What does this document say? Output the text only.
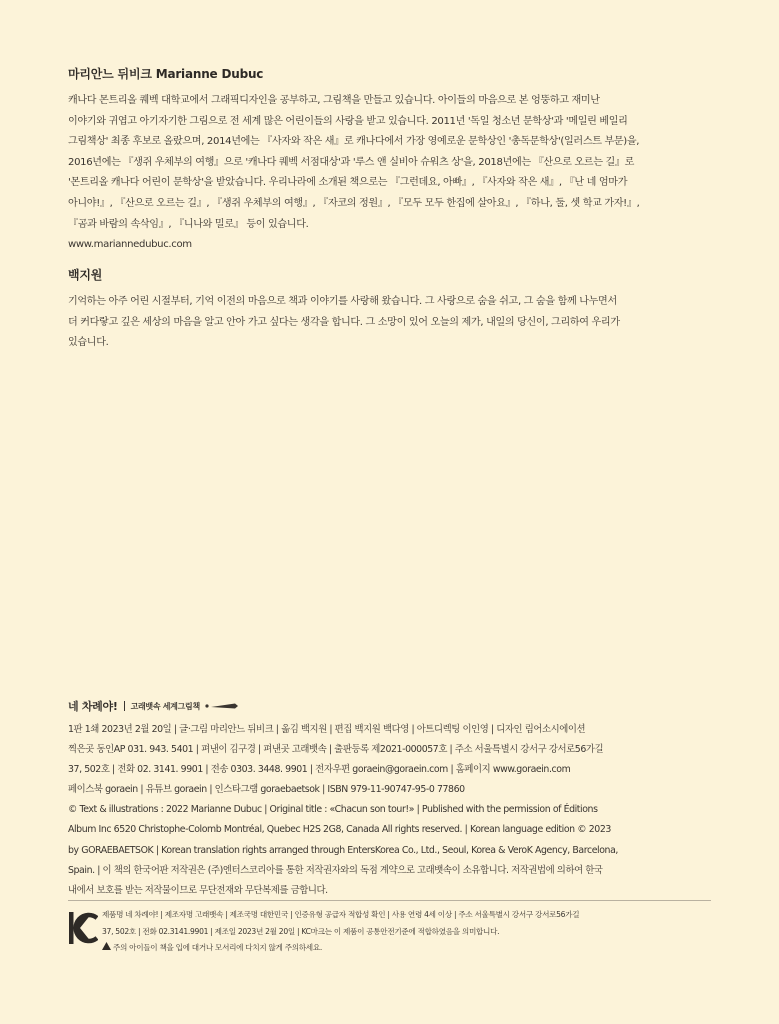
마리안느 뒤비크 Marianne Dubuc

캐나다 몬트리올 퀘벡 대학교에서 그래픽디자인을 공부하고, 그림책을 만들고 있습니다. 아이들의 마음으로 본 엉뚱하고 재미난

이야기와 귀엽고 아기자기한 그림으로 전 세계 많은 어린이들의 사랑을 받고 있습니다. 2011년 '독일 청소년 문학상'과 '메일린 베일리

그림책상' 최종 후보로 올랐으며, 2014년에는 『사자와 작은 새』로 캐나다에서 가장 영예로운 문학상인 '총독문학상'(일러스트 부문)을,

2016년에는 『생쥐 우체부의 여행』으로 '캐나다 퀘벡 서점대상'과 '루스 앤 실비아 슈워츠 상'을, 2018년에는 『산으로 오르는 길』로

'몬트리올 캐나다 어린이 문학상'을 받았습니다. 우리나라에 소개된 책으로는 『그런데요, 아빠』, 『사자와 작은 새』, 『난 네 엄마가

아니야!』, 『산으로 오르는 길』, 『생쥐 우체부의 여행』, 『자코의 정원』, 『모두 모두 한집에 살아요』, 『하나, 둘, 셋 학교 가자!』,

『곰과 바람의 속삭임』, 『니나와 밀로』 등이 있습니다.

www.mariannedubuc.com

백지원

기억하는 아주 어린 시절부터, 기억 이전의 마음으로 책과 이야기를 사랑해 왔습니다. 그 사랑으로 숨을 쉬고, 그 숨을 함께 나누면서

더 커다랗고 깊은 세상의 마음을 알고 안아 가고 싶다는 생각을 합니다. 그 소망이 있어 오늘의 제가, 내일의 당신이, 그리하여 우리가

있습니다.

네 차례야! 고래뱃속 세계그림책

1판 1쇄 2023년 2월 20일 | 글·그림 마리안느 뒤비크 | 옮김 백지원 | 편집 백지원 백다영 | 아트디렉팅 이인영 | 디자인 림어소시에이션

찍은곳 동인AP 031. 943. 5401 | 펴낸이 김구경 | 펴낸곳 고래뱃속 | 출판등록 제2021-000057호 | 주소 서울특별시 강서구 강서로56가길

37, 502호 | 전화 02. 3141. 9901 | 전송 0303. 3448. 9901 | 전자우편 goraein@goraein.com | 홈페이지 www.goraein.com

페이스북 goraein | 유튜브 goraein | 인스타그램 goraebaetsok | ISBN 979-11-90747-95-0 77860

© Text & illustrations : 2022 Marianne Dubuc | Original title : «Chacun son tour!» | Published with the permission of Éditions

Album Inc 6520 Christophe-Colomb Montréal, Quebec H2S 2G8, Canada All rights reserved. | Korean language edition © 2023

by GORAEBAETSOK | Korean translation rights arranged through EntersKorea Co., Ltd., Seoul, Korea & VeroK Agency, Barcelona,

Spain. | 이 책의 한국어판 저작권은 (주)엔터스코리아를 통한 저작권자와의 독점 계약으로 고래뱃속이 소유합니다. 저작권법에 의하여 한국

내에서 보호를 받는 저작물이므로 무단전재와 무단복제를 금합니다.

제품명 네 차례야! | 제조자명 고래뱃속 | 제조국명 대한민국 | 인증유형 공급자 적합성 확인 | 사용 연령 4세 이상 | 주소 서울특별시 강서구 강서로56가길

37, 502호 | 전화 02.3141.9901 | 제조일 2023년 2월 20일 | KC마크는 이 제품이 공통안전기준에 적합하였음을 의미합니다.

주의 아이들이 책을 입에 대거나 모서리에 다치지 않게 주의하세요.
